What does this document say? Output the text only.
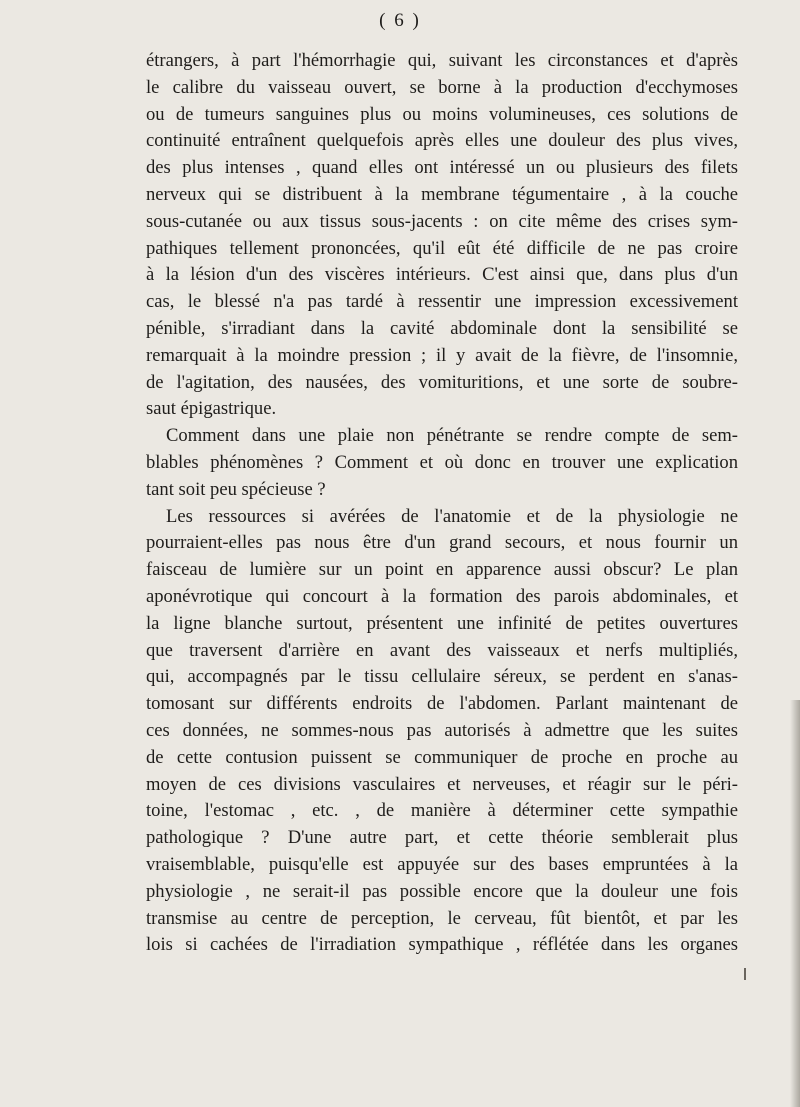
( 6 )
étrangers, à part l'hémorrhagie qui, suivant les circonstances et d'après
le calibre du vaisseau ouvert, se borne à la production d'ecchymoses
ou de tumeurs sanguines plus ou moins volumineuses, ces solutions de
continuité entraînent quelquefois après elles une douleur des plus vives,
des plus intenses , quand elles ont intéressé un ou plusieurs des filets
nerveux qui se distribuent à la membrane tégumentaire , à la couche
sous-cutanée ou aux tissus sous-jacents : on cite même des crises sym-
pathiques tellement prononcées, qu'il eût été difficile de ne pas croire
à la lésion d'un des viscères intérieurs. C'est ainsi que, dans plus d'un
cas, le blessé n'a pas tardé à ressentir une impression excessivement
pénible, s'irradiant dans la cavité abdominale dont la sensibilité se
remarquait à la moindre pression ; il y avait de la fièvre, de l'insomnie,
de l'agitation, des nausées, des vomituritions, et une sorte de soubre-
saut épigastrique.
Comment dans une plaie non pénétrante se rendre compte de sem-
blables phénomènes ? Comment et où donc en trouver une explication
tant soit peu spécieuse ?
Les ressources si avérées de l'anatomie et de la physiologie ne
pourraient-elles pas nous être d'un grand secours, et nous fournir un
faisceau de lumière sur un point en apparence aussi obscur? Le plan
aponévrotique qui concourt à la formation des parois abdominales, et
la ligne blanche surtout, présentent une infinité de petites ouvertures
que traversent d'arrière en avant des vaisseaux et nerfs multipliés,
qui, accompagnés par le tissu cellulaire séreux, se perdent en s'anas-
tomosant sur différents endroits de l'abdomen. Parlant maintenant de
ces données, ne sommes-nous pas autorisés à admettre que les suites
de cette contusion puissent se communiquer de proche en proche au
moyen de ces divisions vasculaires et nerveuses, et réagir sur le péri-
toine, l'estomac , etc. , de manière à déterminer cette sympathie
pathologique ? D'une autre part, et cette théorie semblerait plus
vraisemblable, puisqu'elle est appuyée sur des bases empruntées à la
physiologie , ne serait-il pas possible encore que la douleur une fois
transmise au centre de perception, le cerveau, fût bientôt, et par les
lois si cachées de l'irradiation sympathique , réflétée dans les organes
